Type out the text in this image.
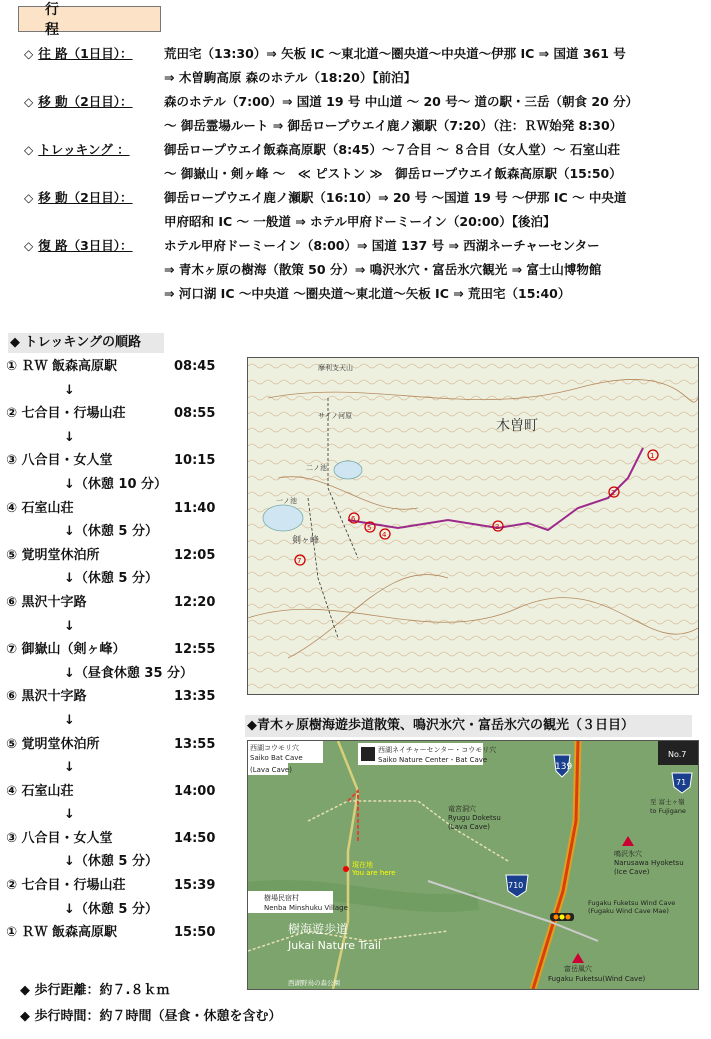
行　程
◇ 往 路（1日目）：	荒田宅（13:30）⇒ 矢板 IC ～東北道～圏央道～中央道～伊那 IC ⇒ 国道 361 号
⇒ 木曽駒高原 森のホテル（18:20）【前泊】
◇ 移 動（2日目）：	森のホテル（7:00）⇒ 国道 19 号 中山道 ～ 20 号～ 道の駅・三岳（朝食 20 分）
～ 御岳霊場ルート ⇒ 御岳ロープウエイ鹿ノ瀬駅（7:20）（注：ＲＷ始発 8:30）
◇ トレッキング ：	御岳ロープウエイ飯森高原駅（8:45）～７合目 ～ ８合目（女人堂）～ 石室山荘
～ 御嶽山・剣ヶ峰 ～　≪ ピストン ≫　御岳ロープウエイ飯森高原駅（15:50）
◇ 移 動（2日目）：	御岳ロープウエイ鹿ノ瀬駅（16:10）⇒ 20 号 ～国道 19 号 ～伊那 IC ～ 中央道
甲府昭和 IC ～ 一般道 ⇒ ホテル甲府ドーミーイン（20:00）【後泊】
◇ 復 路（3日目）：	ホテル甲府ドーミーイン（8:00）⇒ 国道 137 号 ⇒ 西湖ネーチャーセンター
⇒ 青木ヶ原の樹海（散策 50 分）⇒ 鳴沢氷穴・富岳氷穴観光 ⇒ 富士山博物館
⇒ 河口湖 IC ～中央道 ～圏央道～東北道～矢板 IC ⇒ 荒田宅（15:40）
◆ トレッキングの順路
① ＲＷ 飯森高原駅	08:45
↓
② 七合目・行場山荘	08:55
↓
③ 八合目・女人堂	10:15
↓（休憩 10 分）
④ 石室山荘	11:40
↓（休憩 5 分）
⑤ 覚明堂休泊所	12:05
↓（休憩 5 分）
⑥ 黒沢十字路	12:20
↓
⑦ 御嶽山（剣ヶ峰）	12:55
↓（昼食休憩 35 分）
⑥ 黒沢十字路	13:35
↓
⑤ 覚明堂休泊所	13:55
↓
④ 石室山荘	14:00
↓
③ 八合目・女人堂	14:50
↓（休憩 5 分）
② 七合目・行場山荘	15:39
↓（休憩 5 分）
① ＲＷ 飯森高原駅	15:50
3
2
1
5
4
6
7
木曽町
一ノ池
二ノ池
剣ヶ峰
サイノ河原
摩利支天山
◆青木ヶ原樹海遊歩道散策、鳴沢氷穴・富岳氷穴の観光（３日目）
西湖コウモリ穴
Saiko Bat Cave
(Lava Cave)
西湖ネイチャーセンター・コウモリ穴
Saiko Nature Center・Bat Cave
竜宮洞穴
Ryugu Doketsu
(Lava Cave)
鳴沢氷穴
Narusawa Hyoketsu
(Ice Cave)
Fugaku Fuketsu Wind Cave
(Fugaku Wind Cave Mae)
富岳風穴
Fugaku Fuketsu(Wind Cave)
樹場民宿村
Nenba Minshuku Village
樹海遊歩道
Jukai Nature Trail
現在地
You are here
139
710
71
No.7
至 富士ヶ嶺
to Fujigane
西湖野鳥の森公園
◆ 歩行距離：約７.８ｋｍ
◆ 歩行時間：約７時間（昼食・休憩を含む）
